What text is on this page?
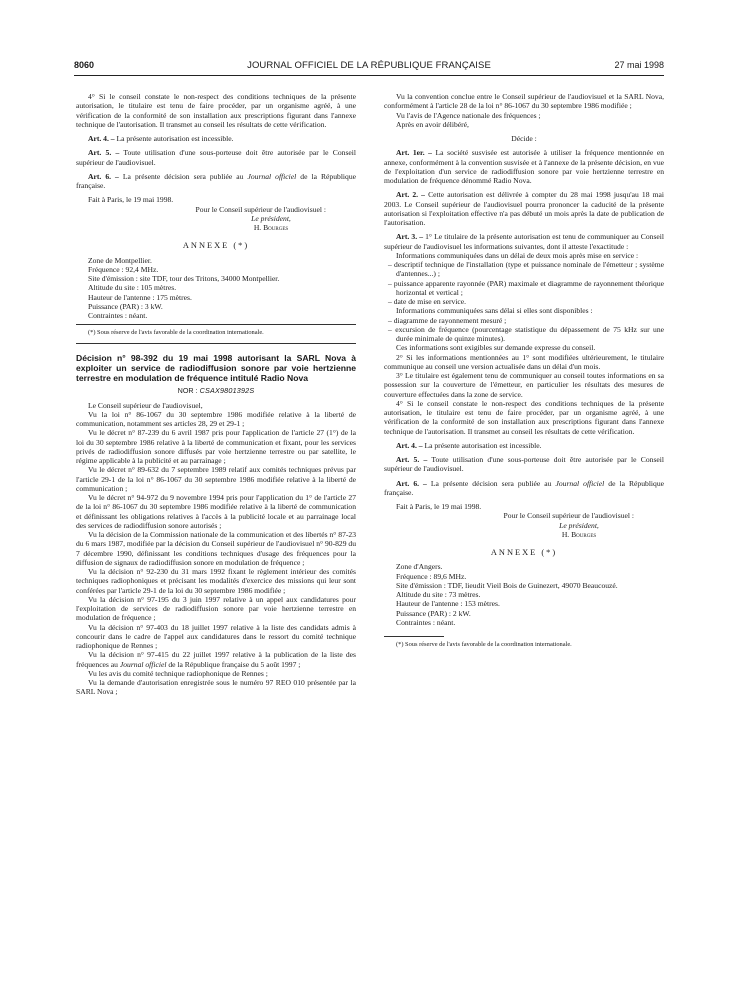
8060	JOURNAL OFFICIEL DE LA RÉPUBLIQUE FRANÇAISE	27 mai 1998

4° Si le conseil constate le non-respect des conditions techniques de la présente autorisation, le titulaire est tenu de faire procéder, par un organisme agréé, à une vérification de la conformité de son installation aux prescriptions figurant dans l'annexe technique de l'autorisation. Il transmet au conseil les résultats de cette vérification.

Art. 4. – La présente autorisation est incessible.

Art. 5. – Toute utilisation d'une sous-porteuse doit être autorisée par le Conseil supérieur de l'audiovisuel.

Art. 6. – La présente décision sera publiée au Journal officiel de la République française.

Fait à Paris, le 19 mai 1998.

Pour le Conseil supérieur de l'audiovisuel :

Le président,

H. Bourges

ANNEXE (*)

Zone de Montpellier.

Fréquence : 92,4 MHz.

Site d'émission : site TDF, tour des Tritons, 34000 Montpellier.

Altitude du site : 105 mètres.

Hauteur de l'antenne : 175 mètres.

Puissance (PAR) : 3 kW.

Contraintes : néant.

(*) Sous réserve de l'avis favorable de la coordination internationale.

Décision n° 98-392 du 19 mai 1998 autorisant la SARL Nova à exploiter un service de radiodiffusion sonore par voie hertzienne terrestre en modulation de fréquence intitulé Radio Nova

NOR : CSAX9801392S

Le Conseil supérieur de l'audiovisuel,

Vu la loi n° 86-1067 du 30 septembre 1986 modifiée relative à la liberté de communication, notamment ses articles 28, 29 et 29-1 ;

Vu le décret n° 87-239 du 6 avril 1987 pris pour l'application de l'article 27 (1°) de la loi du 30 septembre 1986 relative à la liberté de communication et fixant, pour les services privés de radiodiffusion sonore diffusés par voie hertzienne terrestre ou par satellite, le régime applicable à la publicité et au parrainage ;

Vu le décret n° 89-632 du 7 septembre 1989 relatif aux comités techniques prévus par l'article 29-1 de la loi n° 86-1067 du 30 septembre 1986 modifiée relative à la liberté de communication ;

Vu le décret n° 94-972 du 9 novembre 1994 pris pour l'application du 1° de l'article 27 de la loi n° 86-1067 du 30 septembre 1986 modifiée relative à la liberté de communication et définissant les obligations relatives à l'accès à la publicité locale et au parrainage local des services de radiodiffusion sonore autorisés ;

Vu la décision de la Commission nationale de la communication et des libertés n° 87-23 du 6 mars 1987, modifiée par la décision du Conseil supérieur de l'audiovisuel n° 90-829 du 7 décembre 1990, définissant les conditions techniques d'usage des fréquences pour la diffusion de signaux de radiodiffusion sonore en modulation de fréquence ;

Vu la décision n° 92-230 du 31 mars 1992 fixant le règlement intérieur des comités techniques radiophoniques et précisant les modalités d'exercice des missions qui leur sont conférées par l'article 29-1 de la loi du 30 septembre 1986 modifiée ;

Vu la décision n° 97-195 du 3 juin 1997 relative à un appel aux candidatures pour l'exploitation de services de radiodiffusion sonore par voie hertzienne terrestre en modulation de fréquence ;

Vu la décision n° 97-403 du 18 juillet 1997 relative à la liste des candidats admis à concourir dans le cadre de l'appel aux candidatures dans le ressort du comité technique radiophonique de Rennes ;

Vu la décision n° 97-415 du 22 juillet 1997 relative à la publication de la liste des fréquences au Journal officiel de la République française du 5 août 1997 ;

Vu les avis du comité technique radiophonique de Rennes ;

Vu la demande d'autorisation enregistrée sous le numéro 97 REO 010 présentée par la SARL Nova ;

Vu la convention conclue entre le Conseil supérieur de l'audiovisuel et la SARL Nova, conformément à l'article 28 de la loi n° 86-1067 du 30 septembre 1986 modifiée ;

Vu l'avis de l'Agence nationale des fréquences ;

Après en avoir délibéré,

Décide :

Art. 1er. – La société susvisée est autorisée à utiliser la fréquence mentionnée en annexe, conformément à la convention susvisée et à l'annexe de la présente décision, en vue de l'exploitation d'un service de radiodiffusion sonore par voie hertzienne terrestre en modulation de fréquence dénommé Radio Nova.

Art. 2. – Cette autorisation est délivrée à compter du 28 mai 1998 jusqu'au 18 mai 2003. Le Conseil supérieur de l'audiovisuel pourra prononcer la caducité de la présente autorisation si l'exploitation effective n'a pas débuté un mois après la date de publication de l'autorisation.

Art. 3. – 1° Le titulaire de la présente autorisation est tenu de communiquer au Conseil supérieur de l'audiovisuel les informations suivantes, dont il atteste l'exactitude :

Informations communiquées dans un délai de deux mois après mise en service :

– descriptif technique de l'installation (type et puissance nominale de l'émetteur ; système d'antennes...) ;

– puissance apparente rayonnée (PAR) maximale et diagramme de rayonnement théorique horizontal et vertical ;

– date de mise en service.

Informations communiquées sans délai si elles sont disponibles :

– diagramme de rayonnement mesuré ;

– excursion de fréquence (pourcentage statistique du dépassement de 75 kHz sur une durée minimale de quinze minutes).

Ces informations sont exigibles sur demande expresse du conseil.

2° Si les informations mentionnées au 1° sont modifiées ultérieurement, le titulaire communique au conseil une version actualisée dans un délai d'un mois.

3° Le titulaire est également tenu de communiquer au conseil toutes informations en sa possession sur la couverture de l'émetteur, en particulier les résultats des mesures de couverture effectuées dans la zone de service.

4° Si le conseil constate le non-respect des conditions techniques de la présente autorisation, le titulaire est tenu de faire procéder, par un organisme agréé, à une vérification de la conformité de son installation aux prescriptions figurant dans l'annexe technique de l'autorisation. Il transmet au conseil les résultats de cette vérification.

Art. 4. – La présente autorisation est incessible.

Art. 5. – Toute utilisation d'une sous-porteuse doit être autorisée par le Conseil supérieur de l'audiovisuel.

Art. 6. – La présente décision sera publiée au Journal officiel de la République française.

Fait à Paris, le 19 mai 1998.

Pour le Conseil supérieur de l'audiovisuel :

Le président,

H. Bourges

ANNEXE (*)

Zone d'Angers.

Fréquence : 89,6 MHz.

Site d'émission : TDF, lieudit Vieil Bois de Guinezert, 49070 Beaucouzé.

Altitude du site : 73 mètres.

Hauteur de l'antenne : 153 mètres.

Puissance (PAR) : 2 kW.

Contraintes : néant.

(*) Sous réserve de l'avis favorable de la coordination internationale.
